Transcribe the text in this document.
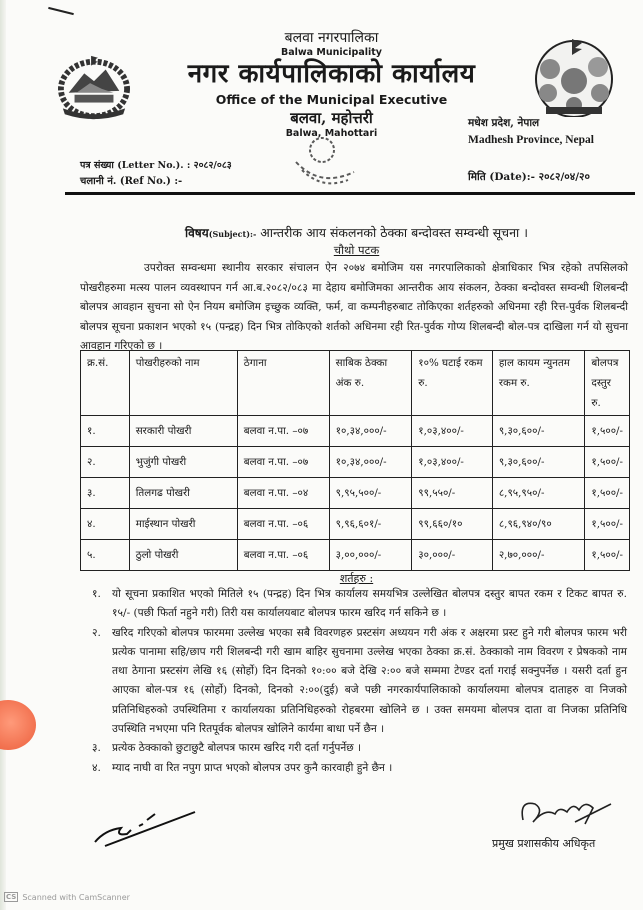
बलवा नगरपालिका
Balwa Municipality
नगर कार्यपालिकाको कार्यालय
Office of the Municipal Executive
बलवा, महोत्तरी
Balwa, Mahottari
मधेश प्रदेश, नेपाल
Madhesh Province, Nepal
पत्र संख्या (Letter No.). : २०८२/०८३
चलानी नं. (Ref No.) :-	मिति (Date):- २०८२/०४/२०
विषय(Subject):- आन्तरीक आय संकलनको ठेक्का बन्दोवस्त सम्वन्धी सूचना ।
चौथो पटक
उपरोक्त सम्वन्धमा स्थानीय सरकार संचालन ऐन २०७४ बमोजिम यस नगरपालिकाको क्षेत्राधिकार भित्र रहेको तपसिलको पोखरीहरुमा मत्स्य पालन व्यवस्थापन गर्न आ.ब.२०८२/०८३ मा देहाय बमोजिमका आन्तरीक आय संकलन, ठेक्का बन्दोवस्त सम्वन्धी शिलबन्दी बोलपत्र आवहान सुचना सो ऐन नियम बमोजिम इच्छुक व्यक्ति, फर्म, वा कम्पनीहरुबाट तोकिएका शर्तहरुको अधिनमा रही रित्त-पुर्वक शिलबन्दी बोलपत्र सूचना प्रकाशन भएको १५ (पन्द्रह) दिन भित्र तोकिएको शर्तको अधिनमा रही रित-पुर्वक गोप्य शिलबन्दी बोल-पत्र दाखिला गर्न यो सुचना आवहान गरिएको छ ।
क्र.सं.	पोखरीहरुको नाम	ठेगाना	साबिक ठेक्का अंक रु.	१०% घटाई रकम रु.	हाल कायम न्युनतम रकम रु.	बोलपत्र दस्तुर रु.
१.	सरकारी पोखरी	बलवा न.पा. –०७	१०,३४,०००/-	१,०३,४००/-	९,३०,६००/-	१,५००/-
२.	भुजुंगी पोखरी	बलवा न.पा. –०७	१०,३४,०००/-	१,०३,४००/-	९,३०,६००/-	१,५००/-
३.	तिलगढ पोखरी	बलवा न.पा. –०४	९,९५,५००/-	९९,५५०/-	८,९५,९५०/-	१,५००/-
४.	माईस्थान पोखरी	बलवा न.पा. –०६	९,९६,६०१/-	९९,६६०/१०	८,९६,९४०/९०	१,५००/-
५.	ठुलो पोखरी	बलवा न.पा. –०६	३,००,०००/-	३०,०००/-	२,७०,०००/-	१,५००/-
शर्तहरु :
१. यो सूचना प्रकाशित भएको मितिले १५ (पन्द्रह) दिन भित्र कार्यालय समयभित्र उल्लेखित बोलपत्र दस्तुर बापत रकम र टिकट बापत रु. १५/- (पछी फिर्ता नहुने गरी) तिरी यस कार्यालयबाट बोलपत्र फारम खरिद गर्न सकिने छ ।
२. खरिद गरिएको बोलपत्र फारममा उल्लेख भएका सबै विवरणहरु प्रस्टसंग अध्ययन गरी अंक र अक्षरमा प्रस्ट हुने गरी बोलपत्र फारम भरी प्रत्येक पानामा सहि/छाप गरी शिलबन्दी गरी खाम बाहिर सुचनामा उल्लेख भएका ठेक्का क्र.सं. ठेक्काको नाम विवरण र प्रेषकको नाम तथा ठेगाना प्रस्टसंग लेखि १६ (सोर्हो) दिन दिनको १०:०० बजे देखि २:०० बजे सम्ममा टेण्डर दर्ता गराई सक्नुपर्नेछ । यसरी दर्ता हुन आएका बोल-पत्र १६ (सोर्हो) दिनको, दिनको २:००(दुई) बजे पछी नगरकार्यपालिकाको कार्यालयमा बोलपत्र दाताहरु वा निजको प्रतिनिधिहरुको उपस्थितिमा र कार्यालयका प्रतिनिधिहरुको रोहबरमा खोलिने छ । उक्त समयमा बोलपत्र दाता वा निजका प्रतिनिधि उपस्थिति नभएमा पनि रितपूर्वक बोलपत्र खोलिने कार्यमा बाधा पर्ने छैन ।
३. प्रत्येक ठेक्काको छुटाछुटै बोलपत्र फारम खरिद गरी दर्ता गर्नुपर्नेछ ।
४. म्याद नाघी वा रित नपुग प्राप्त भएको बोलपत्र उपर कुनै कारवाही हुने छैन ।
प्रमुख प्रशासकीय अधिकृत
CS Scanned with CamScanner
